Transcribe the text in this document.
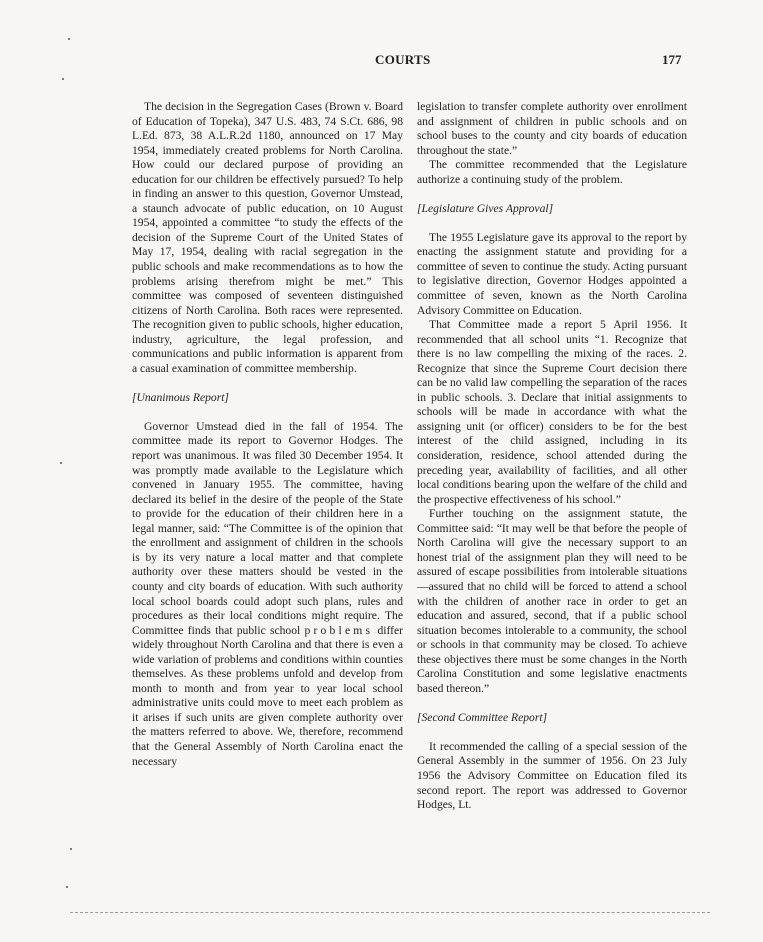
COURTS	177

The decision in the Segregation Cases (Brown v. Board of Education of Topeka), 347 U.S. 483, 74 S.Ct. 686, 98 L.Ed. 873, 38 A.L.R.2d 1180, announced on 17 May 1954, immediately created problems for North Carolina. How could our declared purpose of providing an education for our children be effectively pursued? To help in finding an answer to this question, Governor Umstead, a staunch advocate of public education, on 10 August 1954, appointed a committee “to study the effects of the decision of the Supreme Court of the United States of May 17, 1954, dealing with racial segregation in the public schools and make recommendations as to how the problems arising therefrom might be met.” This committee was composed of seventeen distinguished citizens of North Carolina. Both races were represented. The recognition given to public schools, higher education, industry, agriculture, the legal profession, and communications and public information is apparent from a casual examination of committee membership.

[Unanimous Report]

Governor Umstead died in the fall of 1954. The committee made its report to Governor Hodges. The report was unanimous. It was filed 30 December 1954. It was promptly made available to the Legislature which convened in January 1955. The committee, having declared its belief in the desire of the people of the State to provide for the education of their children here in a legal manner, said: “The Committee is of the opinion that the enrollment and assignment of children in the schools is by its very nature a local matter and that complete authority over these matters should be vested in the county and city boards of education. With such authority local school boards could adopt such plans, rules and procedures as their local conditions might require. The Committee finds that public school problems differ widely throughout North Carolina and that there is even a wide variation of problems and conditions within counties themselves. As these problems unfold and develop from month to month and from year to year local school administrative units could move to meet each problem as it arises if such units are given complete authority over the matters referred to above. We, therefore, recommend that the General Assembly of North Carolina enact the necessary

legislation to transfer complete authority over enrollment and assignment of children in public schools and on school buses to the county and city boards of education throughout the state.”

The committee recommended that the Legislature authorize a continuing study of the problem.

[Legislature Gives Approval]

The 1955 Legislature gave its approval to the report by enacting the assignment statute and providing for a committee of seven to continue the study. Acting pursuant to legislative direction, Governor Hodges appointed a committee of seven, known as the North Carolina Advisory Committee on Education.

That Committee made a report 5 April 1956. It recommended that all school units “1. Recognize that there is no law compelling the mixing of the races. 2. Recognize that since the Supreme Court decision there can be no valid law compelling the separation of the races in public schools. 3. Declare that initial assignments to schools will be made in accordance with what the assigning unit (or officer) considers to be for the best interest of the child assigned, including in its consideration, residence, school attended during the preceding year, availability of facilities, and all other local conditions bearing upon the welfare of the child and the prospective effectiveness of his school.”

Further touching on the assignment statute, the Committee said: “It may well be that before the people of North Carolina will give the necessary support to an honest trial of the assignment plan they will need to be assured of escape possibilities from intolerable situations—assured that no child will be forced to attend a school with the children of another race in order to get an education and assured, second, that if a public school situation becomes intolerable to a community, the school or schools in that community may be closed. To achieve these objectives there must be some changes in the North Carolina Constitution and some legislative enactments based thereon.”

[Second Committee Report]

It recommended the calling of a special session of the General Assembly in the summer of 1956. On 23 July 1956 the Advisory Committee on Education filed its second report. The report was addressed to Governor Hodges, Lt.
